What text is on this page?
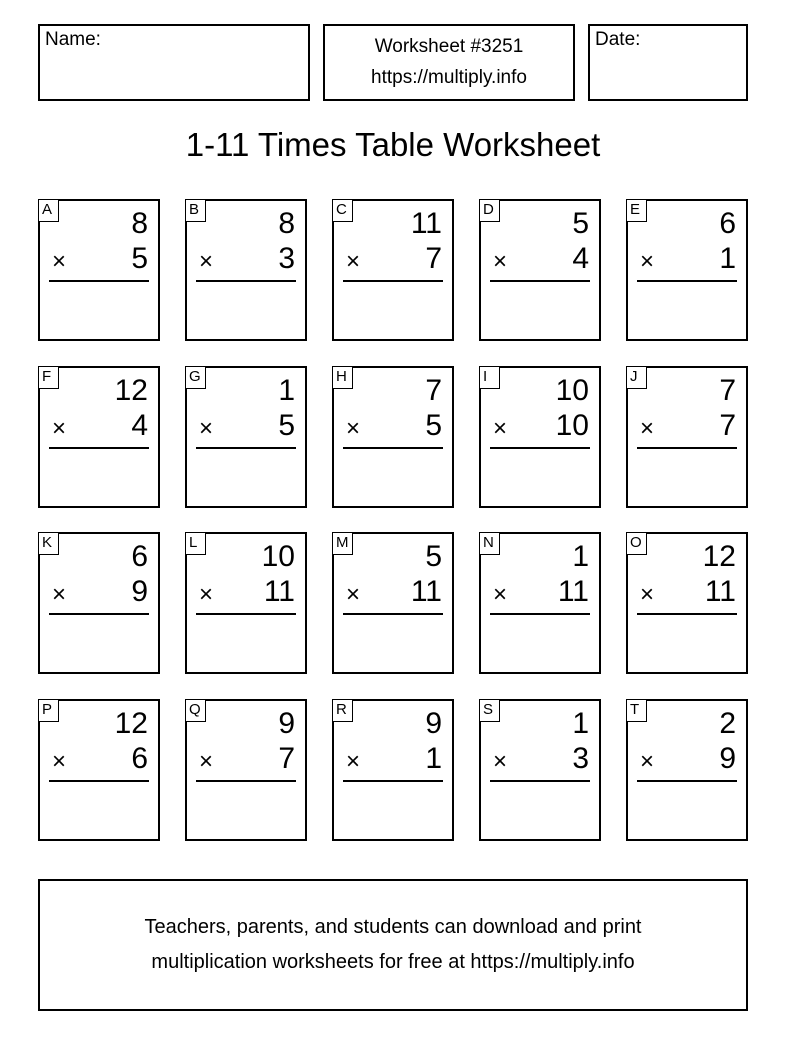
Name:	Worksheet #3251
https://multiply.info
Date:
1-11 Times Table Worksheet
A	8
× 5
B	8
× 3
C 11
× 7
D	5
× 4
E	6
× 1
F 12
× 4
G	1
× 5
H	7
× 5
I	10
× 10
J	7
× 7
K	6
× 9
L 10
× 11
M	5
× 11
N	1
× 11
O 12
× 11
P 12
× 6
Q	9
× 7
R	9
× 1
S	1
× 3
T	2
× 9
Teachers, parents, and students can download and print
multiplication worksheets for free at https://multiply.info
